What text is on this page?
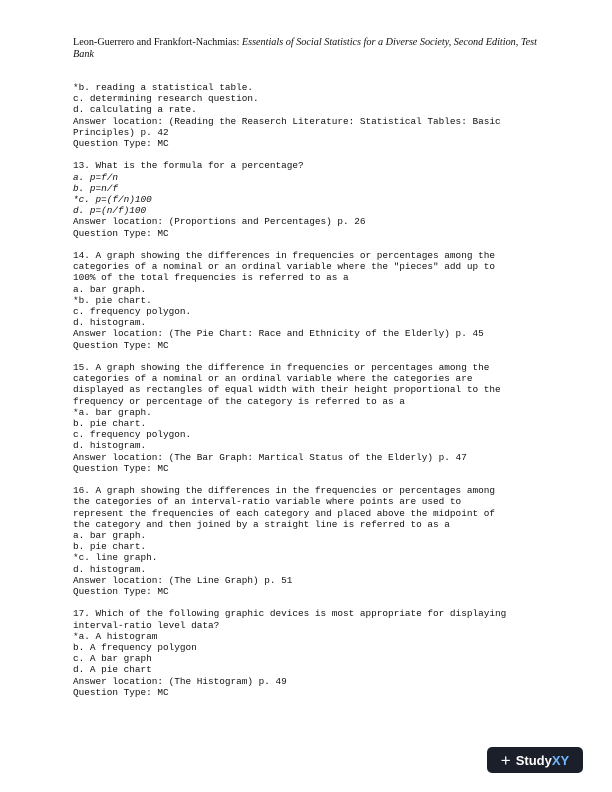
Leon-Guerrero and Frankfort-Nachmias: Essentials of Social Statistics for a Diverse Society, Second Edition, Test Bank
*b. reading a statistical table.
c. determining research question.
d. calculating a rate.
Answer location: (Reading the Reaserch Literature: Statistical Tables: Basic
Principles) p. 42
Question Type: MC
13. What is the formula for a percentage?
a. p=f/n
b. p=n/f
*c. p=(f/n)100
d. p=(n/f)100
Answer location: (Proportions and Percentages) p. 26
Question Type: MC
14. A graph showing the differences in frequencies or percentages among the
categories of a nominal or an ordinal variable where the "pieces" add up to
100% of the total frequencies is referred to as a
a. bar graph.
*b. pie chart.
c. frequency polygon.
d. histogram.
Answer location: (The Pie Chart: Race and Ethnicity of the Elderly) p. 45
Question Type: MC
15. A graph showing the difference in frequencies or percentages among the
categories of a nominal or an ordinal variable where the categories are
displayed as rectangles of equal width with their height proportional to the
frequency or percentage of the category is referred to as a
*a. bar graph.
b. pie chart.
c. frequency polygon.
d. histogram.
Answer location: (The Bar Graph: Martical Status of the Elderly) p. 47
Question Type: MC
16. A graph showing the differences in the frequencies or percentages among
the categories of an interval-ratio variable where points are used to
represent the frequencies of each category and placed above the midpoint of
the category and then joined by a straight line is referred to as a
a. bar graph.
b. pie chart.
*c. line graph.
d. histogram.
Answer location: (The Line Graph) p. 51
Question Type: MC
17. Which of the following graphic devices is most appropriate for displaying
interval-ratio level data?
*a. A histogram
b. A frequency polygon
c. A bar graph
d. A pie chart
Answer location: (The Histogram) p. 49
Question Type: MC
+ Study XY
